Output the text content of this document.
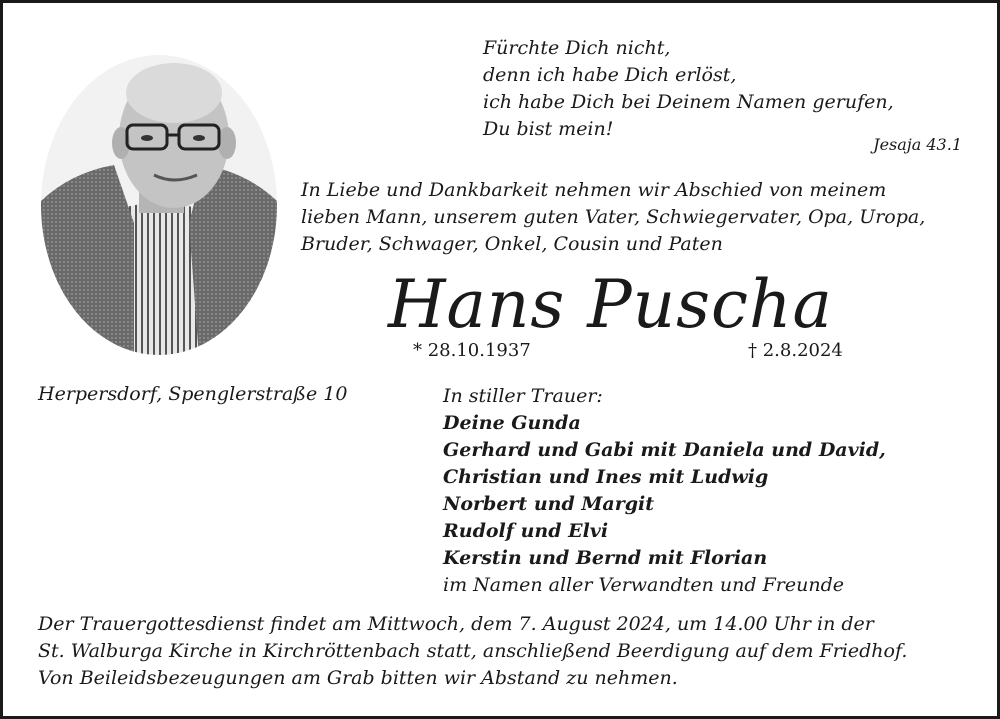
Fürchte Dich nicht,
denn ich habe Dich erlöst,
ich habe Dich bei Deinem Namen gerufen,
Du bist mein!
Jesaja 43.1
In Liebe und Dankbarkeit nehmen wir Abschied von meinem
lieben Mann, unserem guten Vater, Schwiegervater, Opa, Uropa,
Bruder, Schwager, Onkel, Cousin und Paten
Hans Puscha
* 28.10.1937	† 2.8.2024
Herpersdorf, Spenglerstraße 10	In stiller Trauer:
Deine Gunda
Gerhard und Gabi mit Daniela und David,
Christian und Ines mit Ludwig
Norbert und Margit
Rudolf und Elvi
Kerstin und Bernd mit Florian
im Namen aller Verwandten und Freunde
Der Trauergottesdienst findet am Mittwoch, dem 7. August 2024, um 14.00 Uhr in der
St. Walburga Kirche in Kirchröttenbach statt, anschließend Beerdigung auf dem Friedhof.
Von Beileidsbezeugungen am Grab bitten wir Abstand zu nehmen.
